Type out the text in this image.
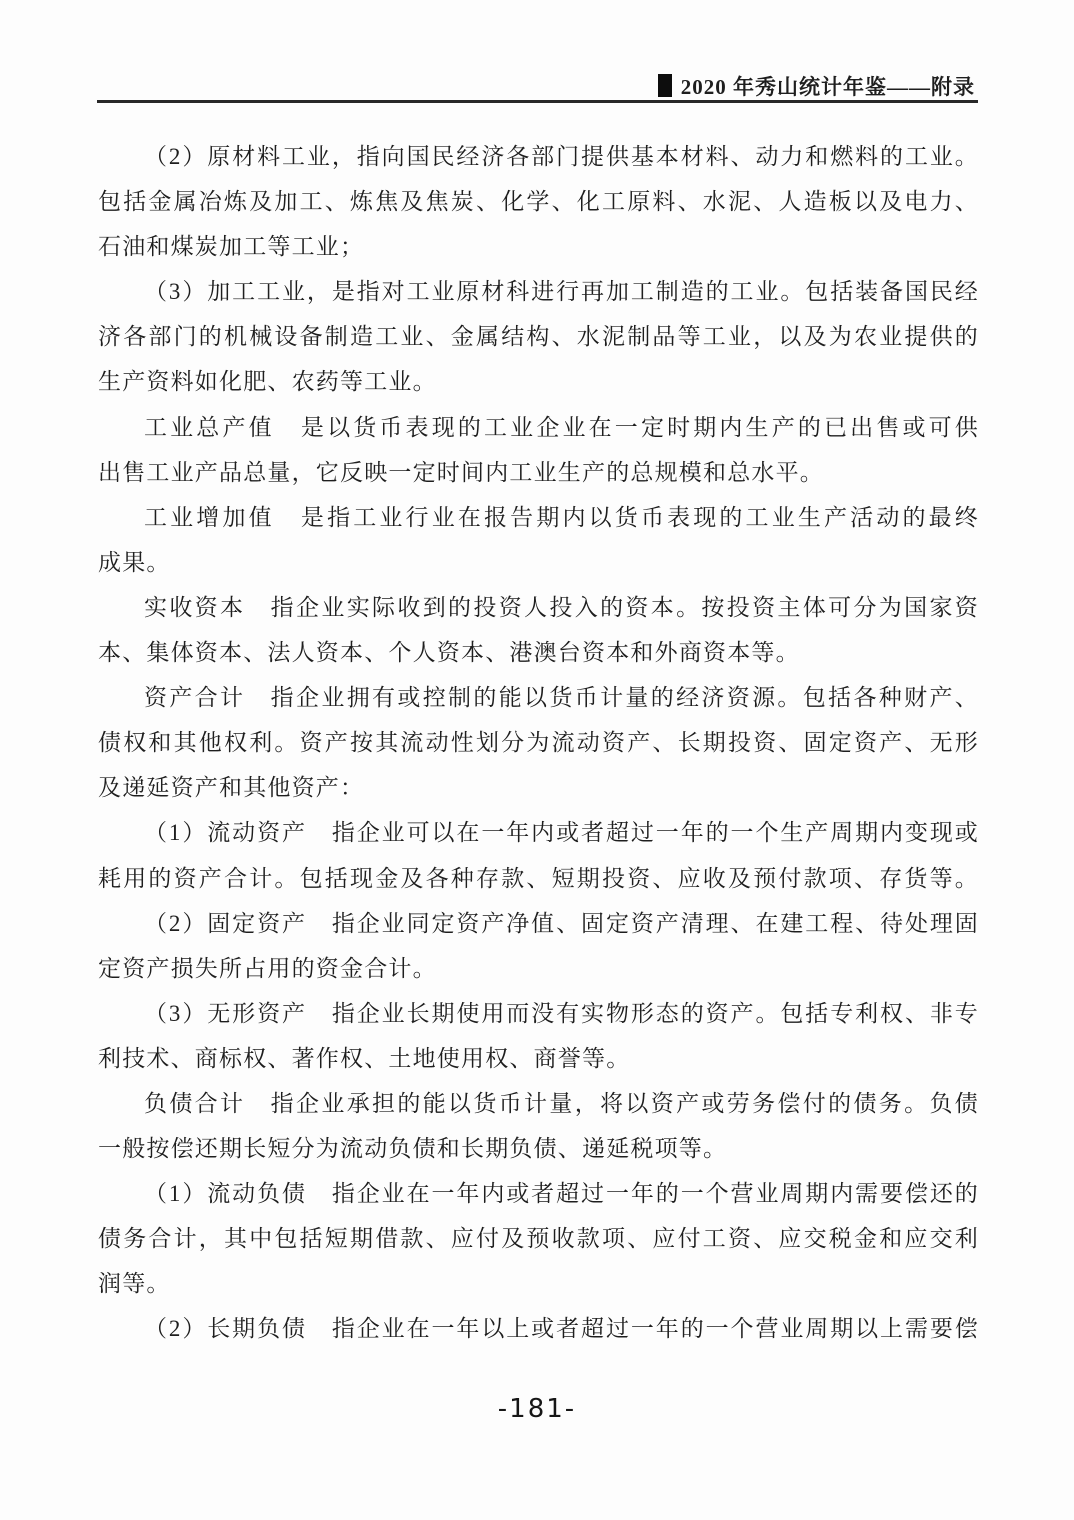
2020 年秀山统计年鉴——附录
（2）原材料工业，指向国民经济各部门提供基本材料、动力和燃料的工业。
包括金属冶炼及加工、炼焦及焦炭、化学、化工原料、水泥、人造板以及电力、
石油和煤炭加工等工业；
（3）加工工业，是指对工业原材科进行再加工制造的工业。包括装备国民经
济各部门的机械设备制造工业、金属结构、水泥制品等工业，以及为农业提供的
生产资料如化肥、农药等工业。
工业总产值　是以货币表现的工业企业在一定时期内生产的已出售或可供
出售工业产品总量，它反映一定时间内工业生产的总规模和总水平。
工业增加值　是指工业行业在报告期内以货币表现的工业生产活动的最终
成果。
实收资本　指企业实际收到的投资人投入的资本。按投资主体可分为国家资
本、集体资本、法人资本、个人资本、港澳台资本和外商资本等。
资产合计　指企业拥有或控制的能以货币计量的经济资源。包括各种财产、
债权和其他权利。资产按其流动性划分为流动资产、长期投资、固定资产、无形
及递延资产和其他资产：
（1）流动资产　指企业可以在一年内或者超过一年的一个生产周期内变现或
耗用的资产合计。包括现金及各种存款、短期投资、应收及预付款项、存货等。
（2）固定资产　指企业同定资产净值、固定资产清理、在建工程、待处理固
定资产损失所占用的资金合计。
（3）无形资产　指企业长期使用而没有实物形态的资产。包括专利权、非专
利技术、商标权、著作权、土地使用权、商誉等。
负债合计　指企业承担的能以货币计量，将以资产或劳务偿付的债务。负债
一般按偿还期长短分为流动负债和长期负债、递延税项等。
（1）流动负债　指企业在一年内或者超过一年的一个营业周期内需要偿还的
债务合计，其中包括短期借款、应付及预收款项、应付工资、应交税金和应交利
润等。
（2）长期负债　指企业在一年以上或者超过一年的一个营业周期以上需要偿
-181-
